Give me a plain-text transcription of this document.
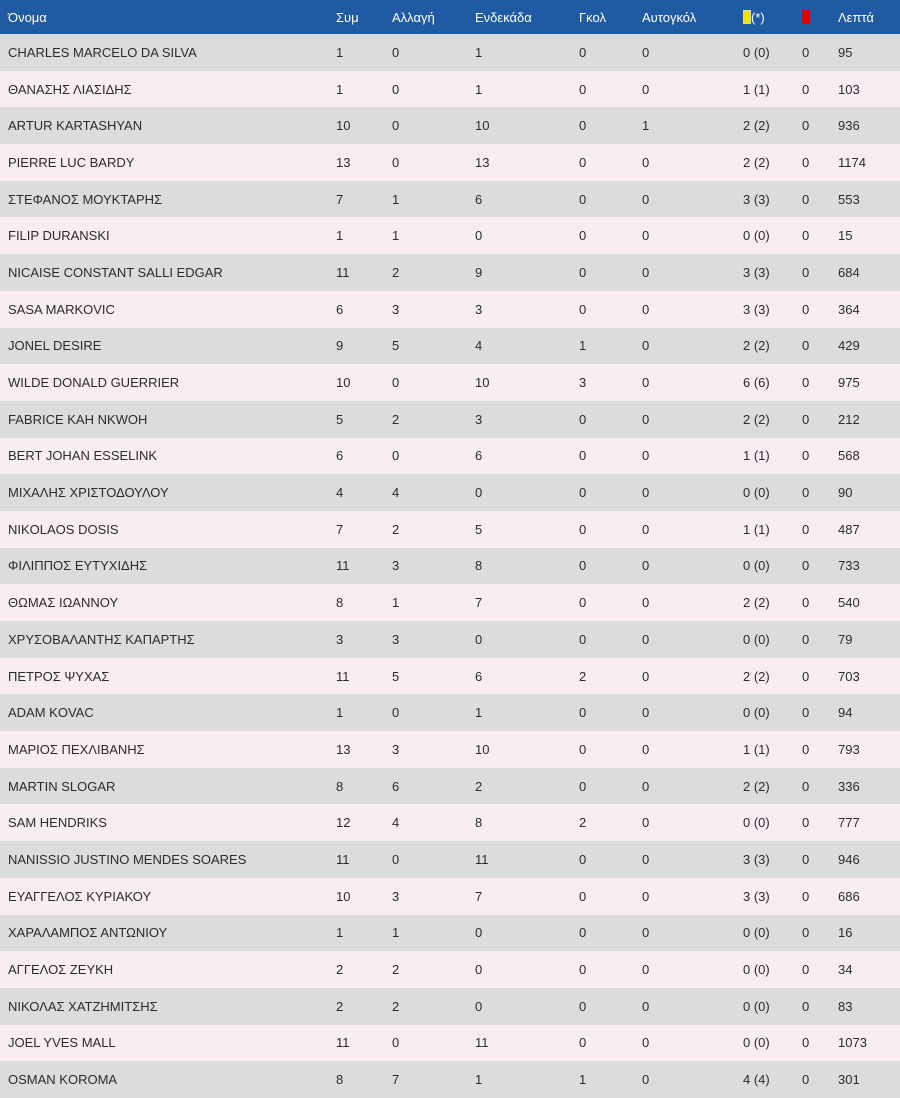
Όνομα	Συμ	Αλλαγή	Ενδεκάδα	Γκολ	Αυτογκόλ	(*)		Λεπτά
CHARLES MARCELO DA SILVA	1	0	1	0	0	0 (0)	0	95
ΘΑΝΑΣΗΣ ΛΙΑΣΙΔΗΣ	1	0	1	0	0	1 (1)	0	103
ARTUR KARTASHYAN	10	0	10	0	1	2 (2)	0	936
PIERRE LUC BARDY	13	0	13	0	0	2 (2)	0	1174
ΣΤΕΦΑΝΟΣ ΜΟΥΚΤΑΡΗΣ	7	1	6	0	0	3 (3)	0	553
FILIP DURANSKI	1	1	0	0	0	0 (0)	0	15
NICAISE CONSTANT SALLI EDGAR	11	2	9	0	0	3 (3)	0	684
SASA MARKOVIC	6	3	3	0	0	3 (3)	0	364
JONEL DESIRE	9	5	4	1	0	2 (2)	0	429
WILDE DONALD GUERRIER	10	0	10	3	0	6 (6)	0	975
FABRICE KAH NKWOH	5	2	3	0	0	2 (2)	0	212
BERT JOHAN ESSELINK	6	0	6	0	0	1 (1)	0	568
ΜΙΧΑΛΗΣ ΧΡΙΣΤΟΔΟΥΛΟΥ	4	4	0	0	0	0 (0)	0	90
NIKOLAOS DOSIS	7	2	5	0	0	1 (1)	0	487
ΦΙΛΙΠΠΟΣ ΕΥΤΥΧΙΔΗΣ	11	3	8	0	0	0 (0)	0	733
ΘΩΜΑΣ ΙΩΑΝΝΟΥ	8	1	7	0	0	2 (2)	0	540
ΧΡΥΣΟΒΑΛΑΝΤΗΣ ΚΑΠΑΡΤΗΣ	3	3	0	0	0	0 (0)	0	79
ΠΕΤΡΟΣ ΨΥΧΑΣ	11	5	6	2	0	2 (2)	0	703
ADAM KOVAC	1	0	1	0	0	0 (0)	0	94
ΜΑΡΙΟΣ ΠΕΧΛΙΒΑΝΗΣ	13	3	10	0	0	1 (1)	0	793
MARTIN SLOGAR	8	6	2	0	0	2 (2)	0	336
SAM HENDRIKS	12	4	8	2	0	0 (0)	0	777
NANISSIO JUSTINO MENDES SOARES	11	0	11	0	0	3 (3)	0	946
ΕΥΑΓΓΕΛΟΣ ΚΥΡΙΑΚΟΥ	10	3	7	0	0	3 (3)	0	686
ΧΑΡΑΛΑΜΠΟΣ ΑΝΤΩΝΙΟΥ	1	1	0	0	0	0 (0)	0	16
ΑΓΓΕΛΟΣ ΖΕΥΚΗ	2	2	0	0	0	0 (0)	0	34
ΝΙΚΟΛΑΣ ΧΑΤΖΗΜΙΤΣΗΣ	2	2	0	0	0	0 (0)	0	83
JOEL YVES MALL	11	0	11	0	0	0 (0)	0	1073
OSMAN KOROMA	8	7	1	1	0	4 (4)	0	301
